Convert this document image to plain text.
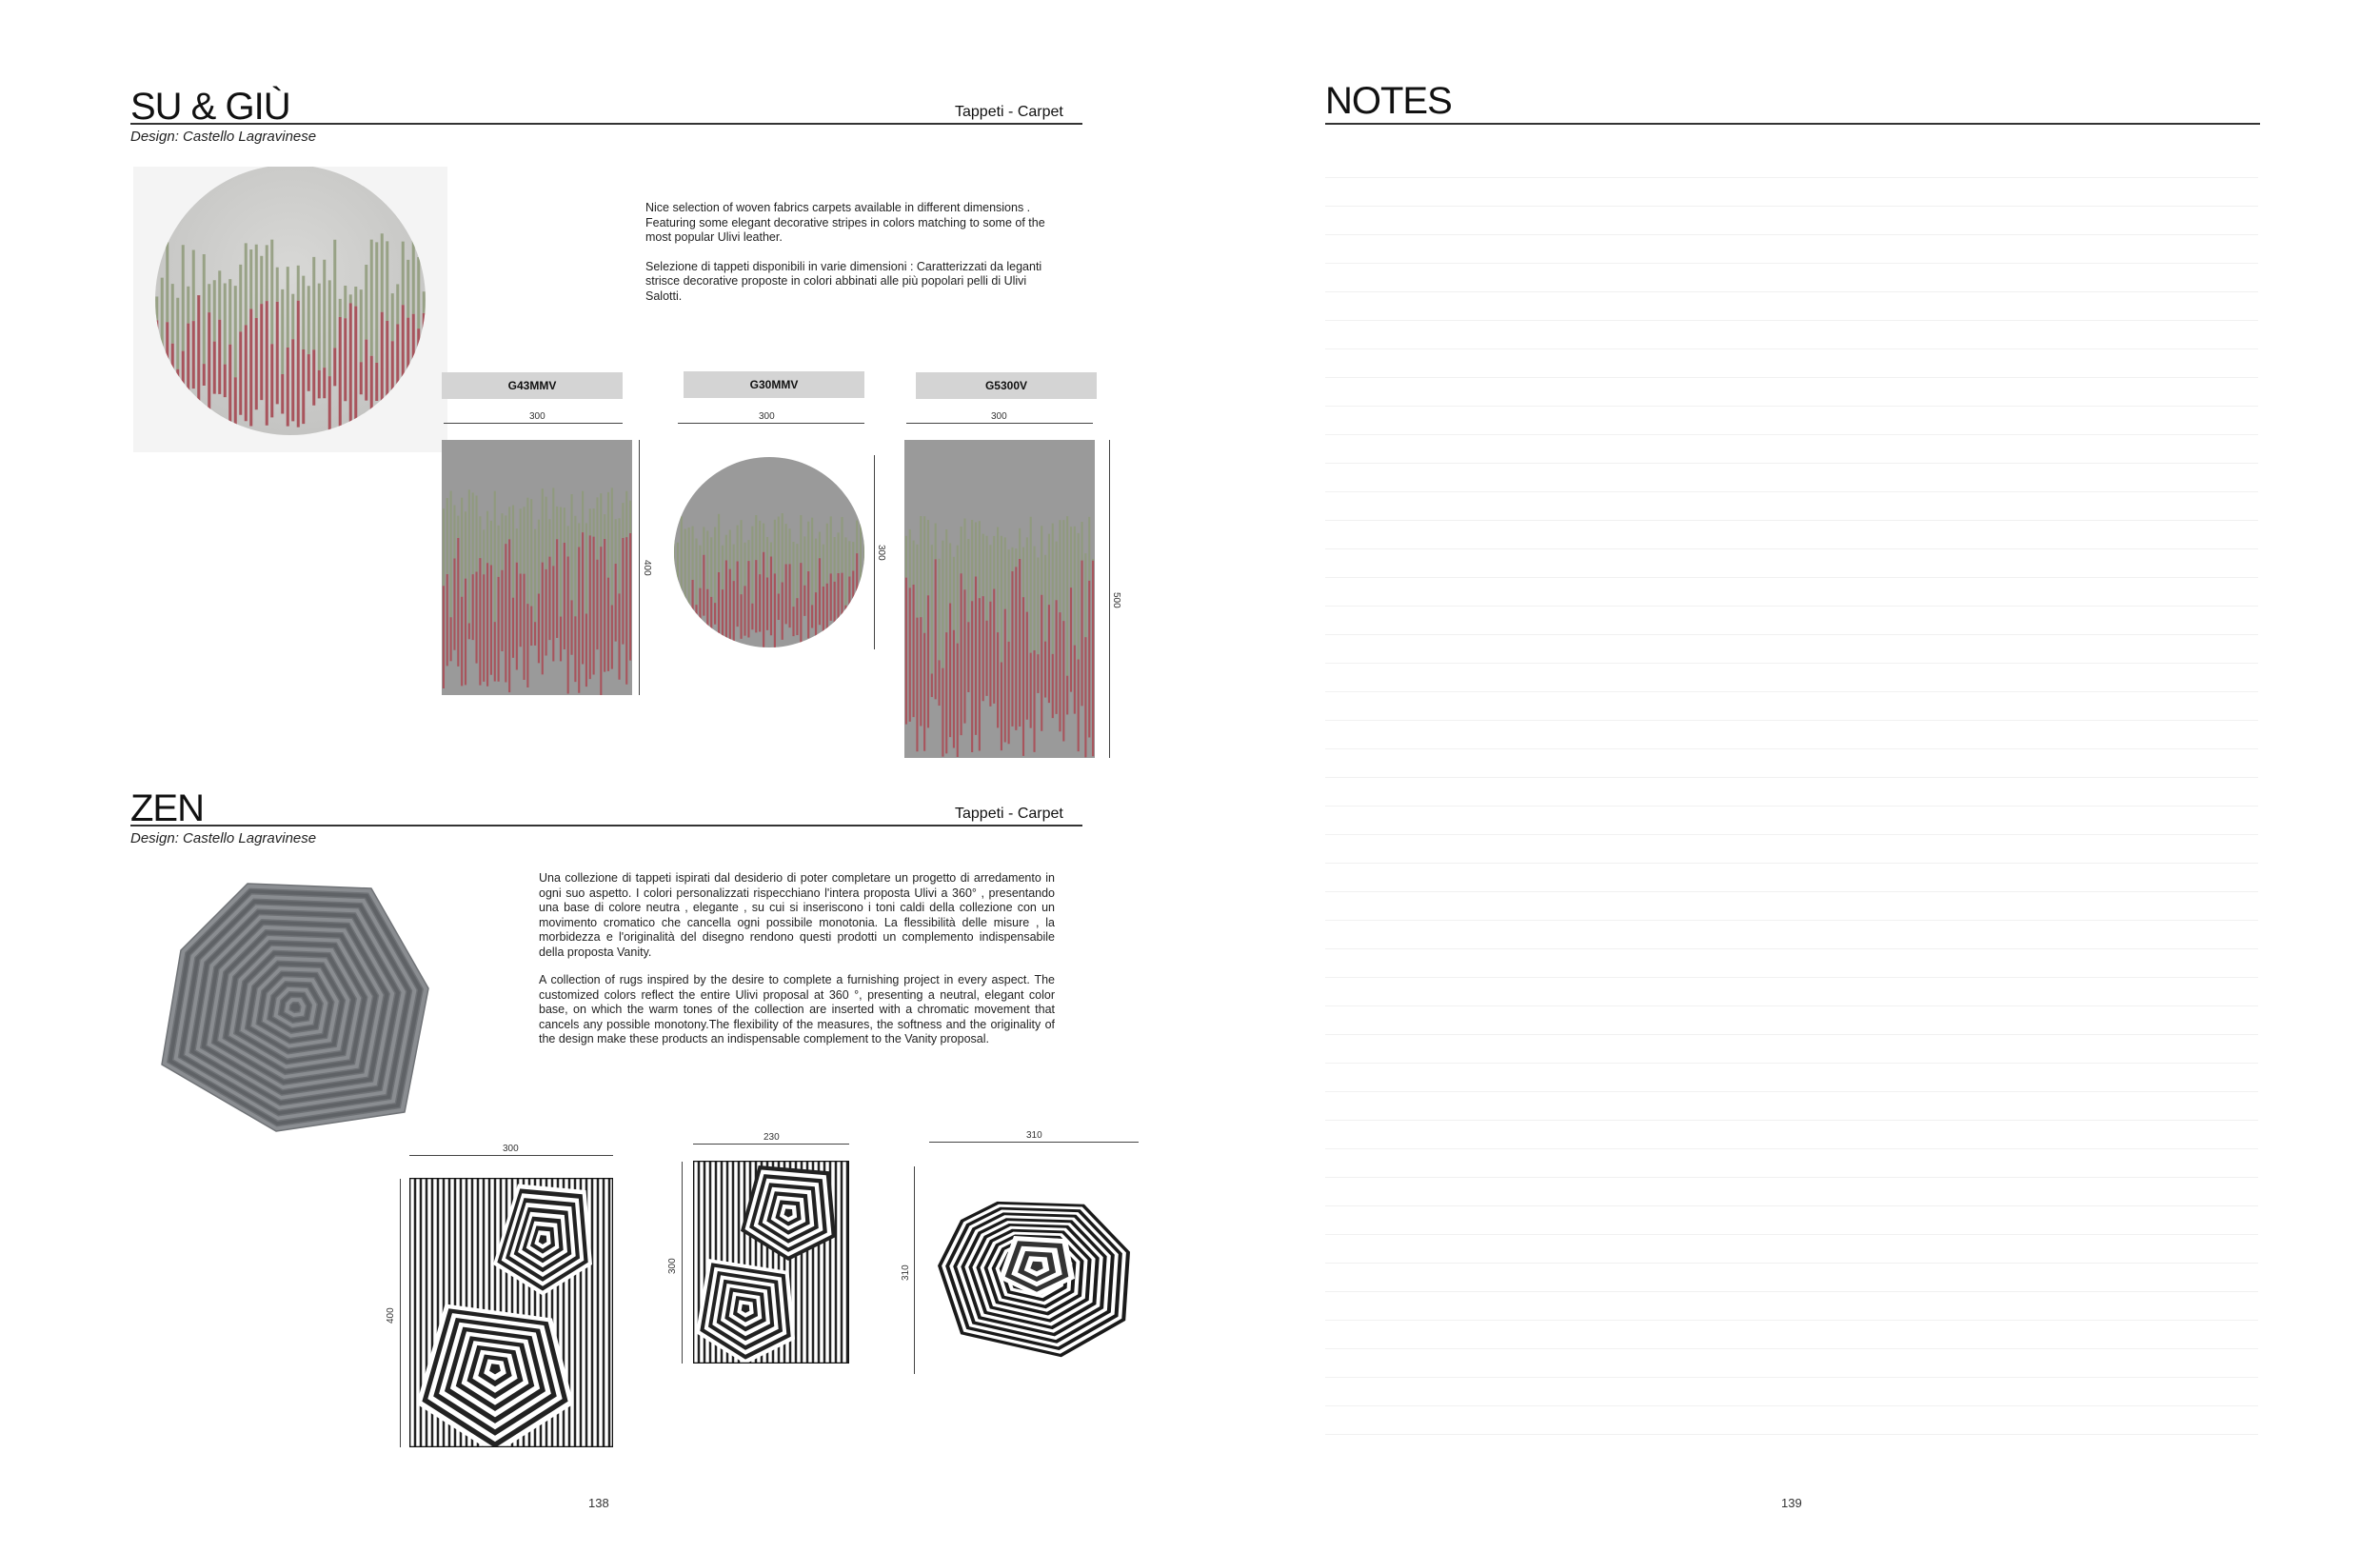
SU & GIÙ	Tappeti - Carpet
Design: Castello Lagravinese

Nice selection of woven fabrics carpets available in different dimensions . Featuring some elegant decorative stripes in colors matching to some of the most popular Ulivi leather.

Selezione di tappeti disponibili in varie dimensioni : Caratterizzati da leganti strisce decorative proposte in colori abbinati alle più popolari pelli di Ulivi Salotti.

G43MMV	G30MMV	G5300V
300	300	300
400
300
500
ZEN	Tappeti - Carpet
Design: Castello Lagravinese

Una collezione di tappeti ispirati dal desiderio di poter completare un progetto di arredamento in ogni suo aspetto. I colori personalizzati rispecchiano l'intera proposta Ulivi a 360° , presentando una base di colore neutra , elegante , su cui si inseriscono i toni caldi della collezione con un movimento cromatico che cancella ogni possibile monotonia. La flessibilità delle misure , la morbidezza e l'originalità del disegno rendono questi prodotti un complemento indispensabile della proposta Vanity.

A collection of rugs inspired by the desire to complete a furnishing project in every aspect. The customized colors reflect the entire Ulivi proposal at 360 °, presenting a neutral, elegant color base, on which the warm tones of the collection are inserted with a chromatic movement that cancels any possible monotony.The flexibility of the measures, the softness and the originality of the design make these products an indispensable complement to the Vanity proposal.

300
400
230
300
310
310
138
NOTES
139
